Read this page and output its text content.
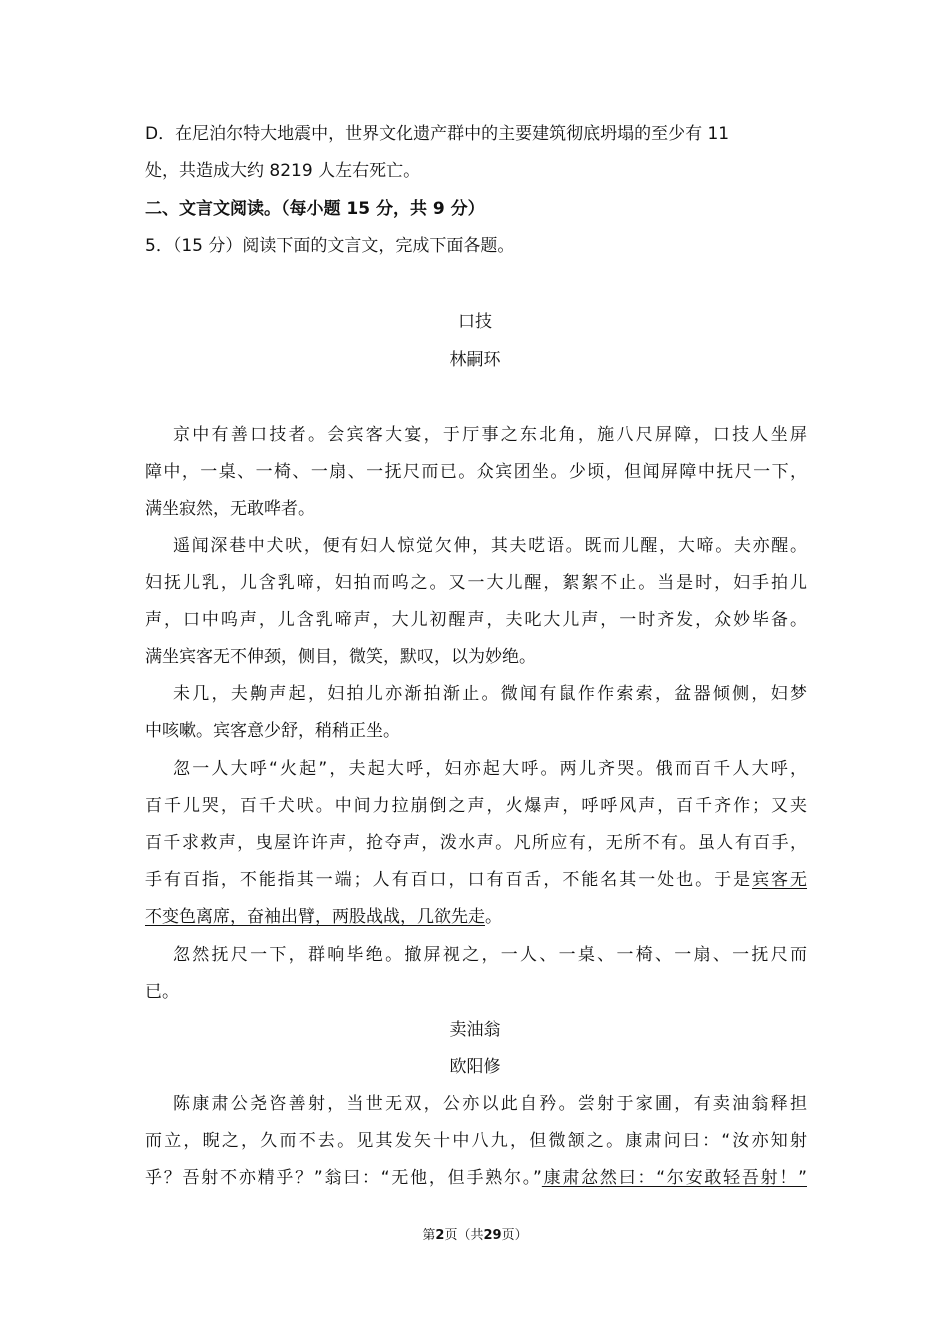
D．在尼泊尔特大地震中，世界文化遗产群中的主要建筑彻底坍塌的至少有 11
处，共造成大约 8219 人左右死亡。
二、文言文阅读。（每小题 15 分，共 9 分）
5．（15 分）阅读下面的文言文，完成下面各题。
口技
林嗣环
京中有善口技者。会宾客大宴，于厅事之东北角，施八尺屏障，口技人坐屏
障中，一桌、一椅、一扇、一抚尺而已。众宾团坐。少顷，但闻屏障中抚尺一下，
满坐寂然，无敢哗者。
遥闻深巷中犬吠，便有妇人惊觉欠伸，其夫呓语。既而儿醒，大啼。夫亦醒。
妇抚儿乳，儿含乳啼，妇拍而呜之。又一大儿醒，絮絮不止。当是时，妇手拍儿
声，口中呜声，儿含乳啼声，大儿初醒声，夫叱大儿声，一时齐发，众妙毕备。
满坐宾客无不伸颈，侧目，微笑，默叹，以为妙绝。
未几，夫齁声起，妇拍儿亦渐拍渐止。微闻有鼠作作索索，盆器倾侧，妇梦
中咳嗽。宾客意少舒，稍稍正坐。
忽一人大呼“火起”，夫起大呼，妇亦起大呼。两儿齐哭。俄而百千人大呼，
百千儿哭，百千犬吠。中间力拉崩倒之声，火爆声，呼呼风声，百千齐作；又夹
百千求救声，曳屋许许声，抢夺声，泼水声。凡所应有，无所不有。虽人有百手，
手有百指，不能指其一端；人有百口，口有百舌，不能名其一处也。于是宾客无
不变色离席，奋袖出臂，两股战战，几欲先走。
忽然抚尺一下，群响毕绝。撤屏视之，一人、一桌、一椅、一扇、一抚尺而
已。
卖油翁
欧阳修
陈康肃公尧咨善射，当世无双，公亦以此自矜。尝射于家圃，有卖油翁释担
而立，睨之，久而不去。见其发矢十中八九，但微颔之。康肃问曰：“汝亦知射
乎？吾射不亦精乎？”翁曰：“无他，但手熟尔。”康肃忿然曰：“尔安敢轻吾射！”
第2页（共29页）
